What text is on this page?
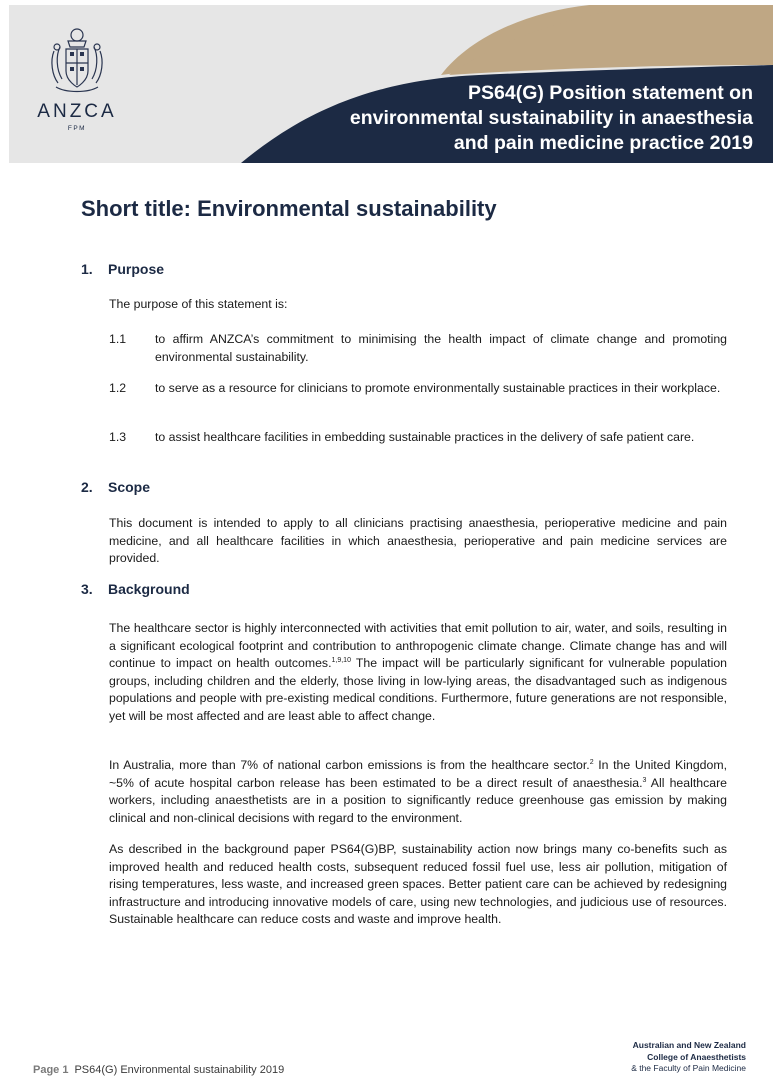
ANZCA
FPM
PS64(G) Position statement on
environmental sustainability in anaesthesia
and pain medicine practice 2019
Short title: Environmental sustainability
1. Purpose

The purpose of this statement is:

1.1 to affirm ANZCA’s commitment to minimising the health impact of climate change and promoting environmental sustainability.
1.2 to serve as a resource for clinicians to promote environmentally sustainable practices in their workplace.
1.3 to assist healthcare facilities in embedding sustainable practices in the delivery of safe patient care.
2. Scope

This document is intended to apply to all clinicians practising anaesthesia, perioperative medicine and pain medicine, and all healthcare facilities in which anaesthesia, perioperative and pain medicine services are provided.

3. Background

The healthcare sector is highly interconnected with activities that emit pollution to air, water, and soils, resulting in a significant ecological footprint and contribution to anthropogenic climate change. Climate change has and will continue to impact on health outcomes.$^{1,9,10}$ The impact will be particularly significant for vulnerable population groups, including children and the elderly, those living in low-lying areas, the disadvantaged such as indigenous populations and people with pre-existing medical conditions. Furthermore, future generations are not responsible, yet will be most affected and are least able to affect change.

In Australia, more than 7% of national carbon emissions is from the healthcare sector.$^2$ In the United Kingdom, ~5% of acute hospital carbon release has been estimated to be a direct result of anaesthesia.$^3$ All healthcare workers, including anaesthetists are in a position to significantly reduce greenhouse gas emission by making clinical and non-clinical decisions with regard to the environment.

As described in the background paper PS64(G)BP, sustainability action now brings many co-benefits such as improved health and reduced health costs, subsequent reduced fossil fuel use, less air pollution, mitigation of rising temperatures, less waste, and increased green spaces. Better patient care can be achieved by redesigning infrastructure and introducing innovative models of care, using new technologies, and judicious use of resources. Sustainable healthcare can reduce costs and waste and improve health.

Page 1 PS64(G) Environmental sustainability 2019
Australian and New Zealand
College of Anaesthetists
& the Faculty of Pain Medicine
